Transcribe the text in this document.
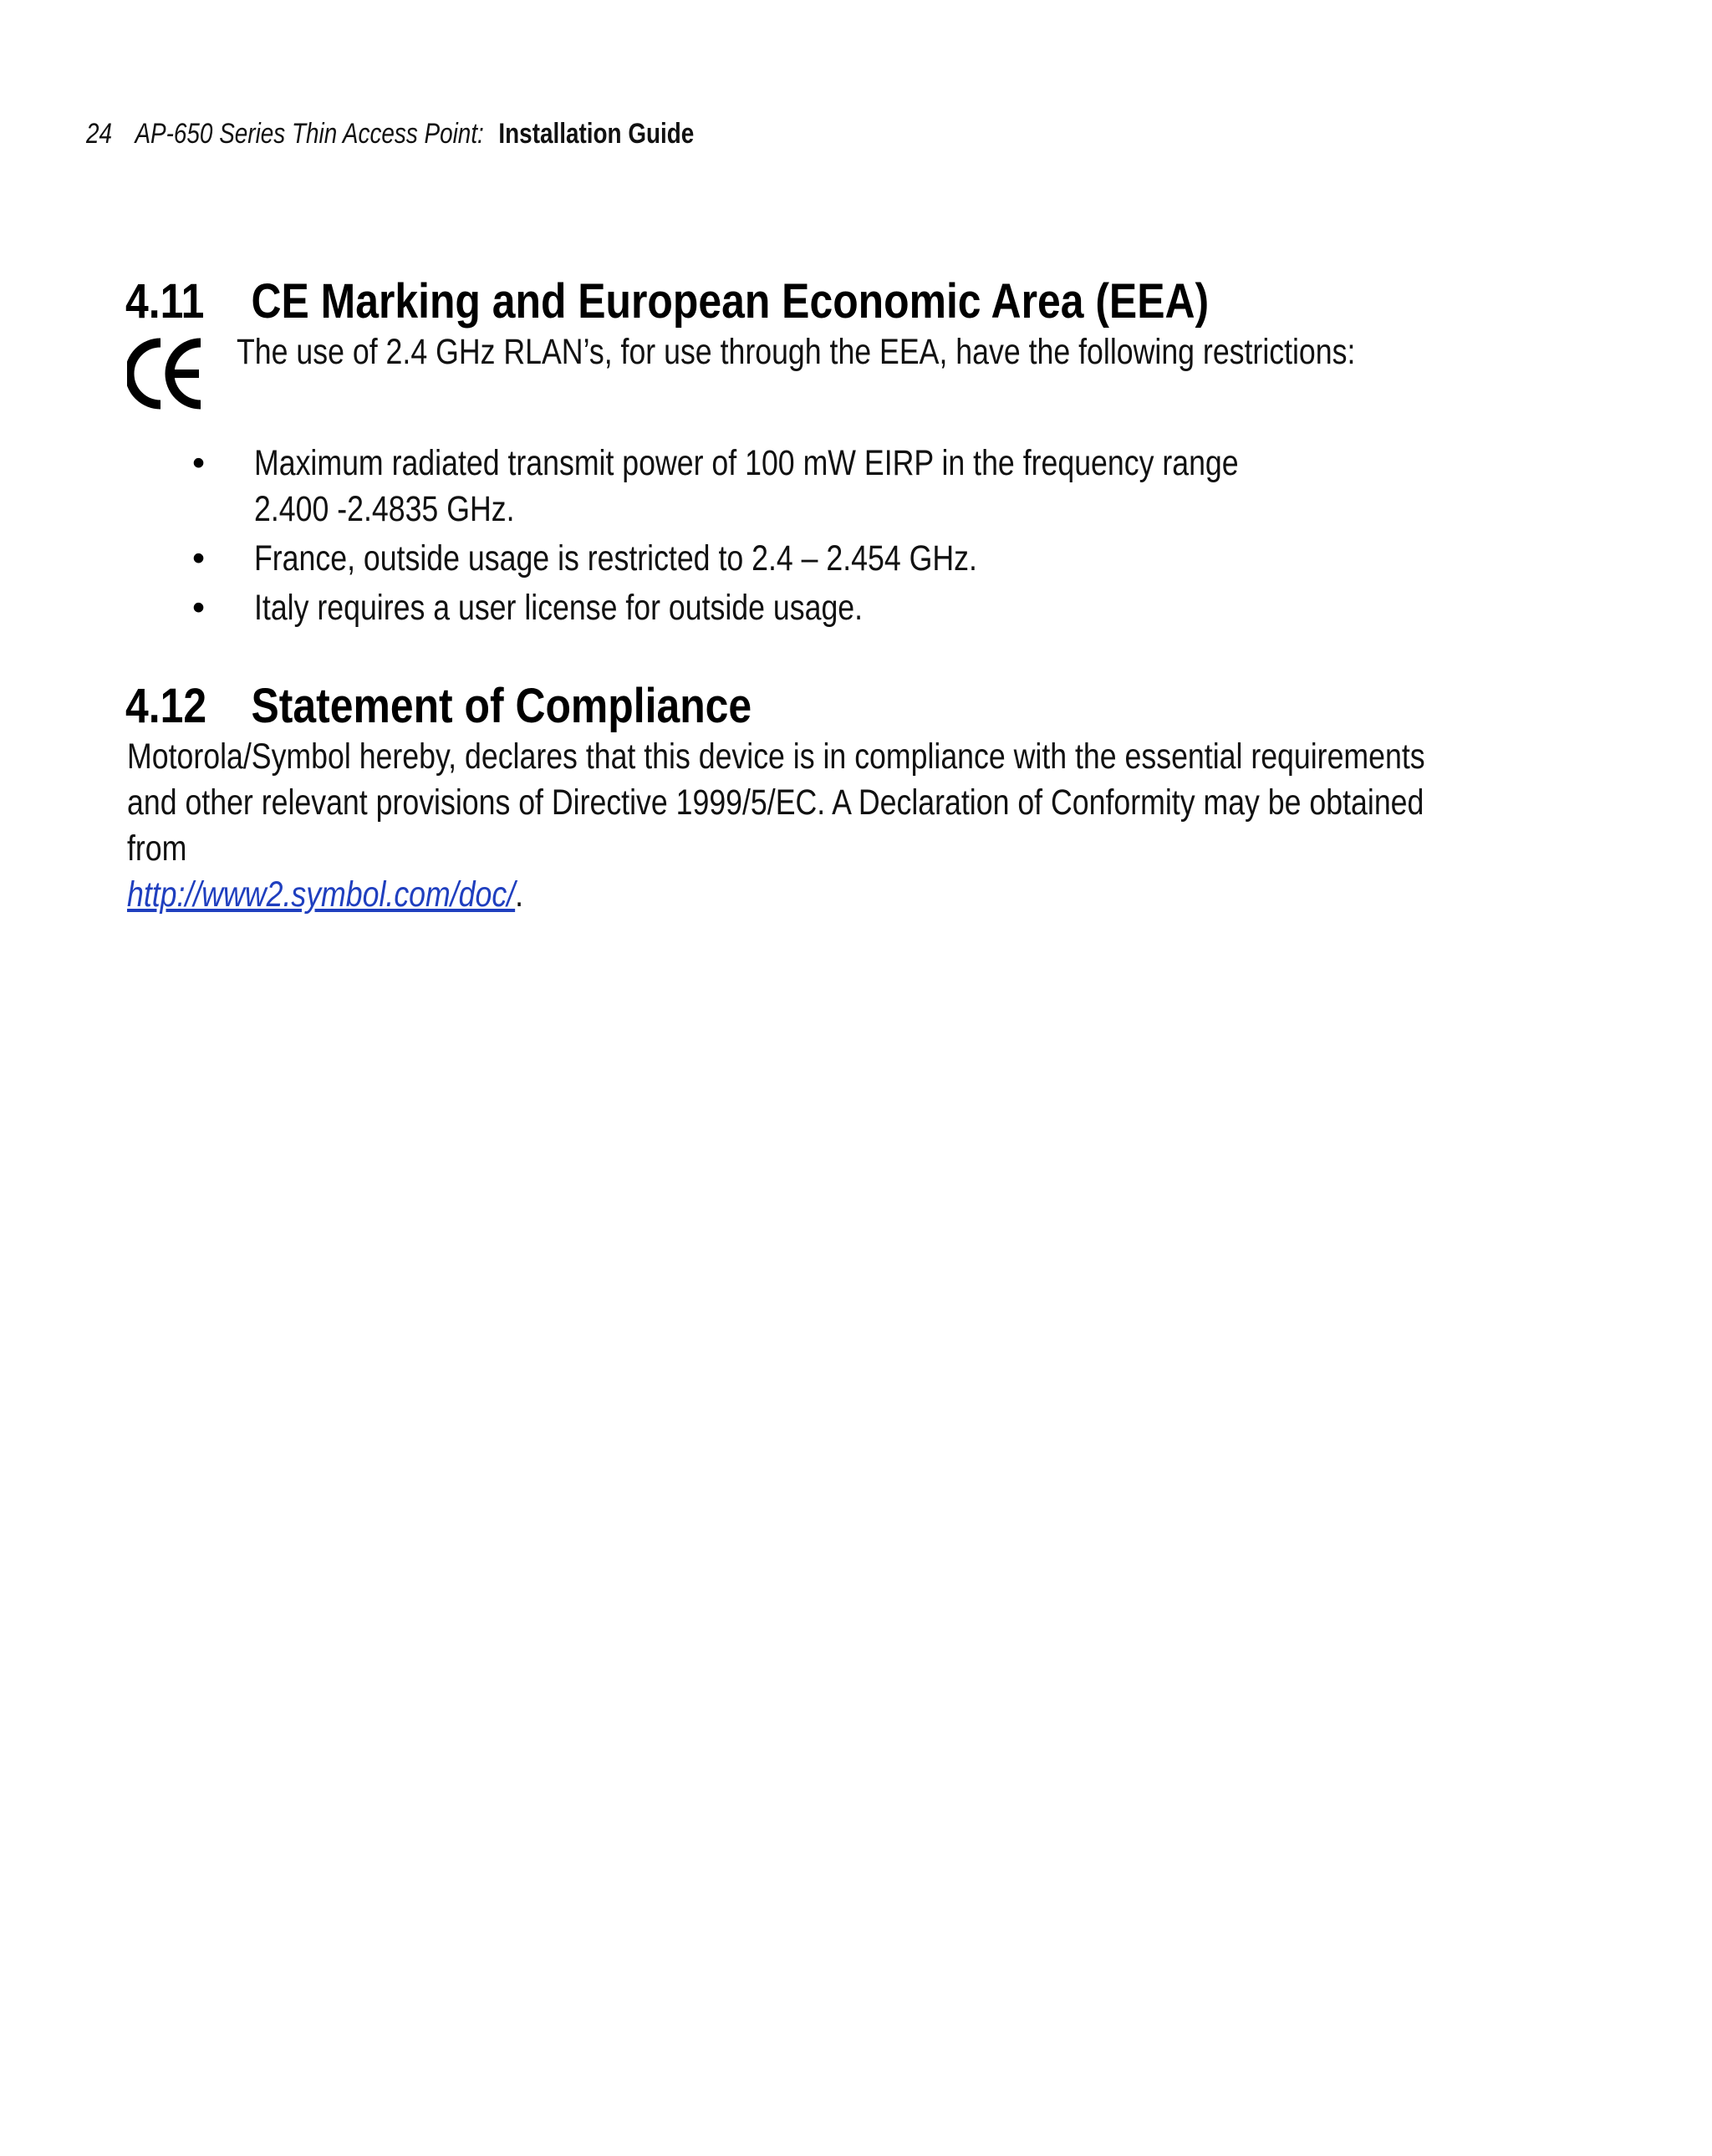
24 AP-650 Series Thin Access Point: Installation Guide
4.11 CE Marking and European Economic Area (EEA)
The use of 2.4 GHz RLAN’s, for use through the EEA, have the following restrictions:
• Maximum radiated transmit power of 100 mW EIRP in the frequency range 2.400 -2.4835 GHz.
• France, outside usage is restricted to 2.4 – 2.454 GHz.
• Italy requires a user license for outside usage.
4.12 Statement of Compliance
Motorola/Symbol hereby, declares that this device is in compliance with the essential requirements
and other relevant provisions of Directive 1999/5/EC. A Declaration of Conformity may be obtained
from
http://www2.symbol.com/doc/.
